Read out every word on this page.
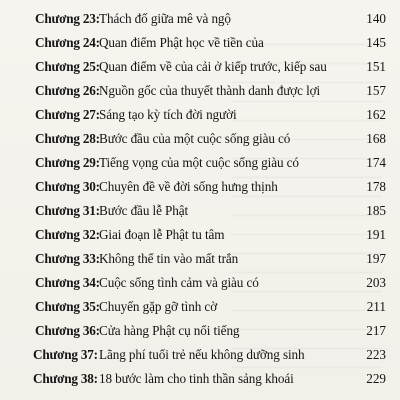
Chương 23: Thách đố giữa mê và ngộ	140
Chương 24: Quan điểm Phật học về tiền của	145
Chương 25: Quan điểm về của cải ở kiếp trước, kiếp sau	151
Chương 26: Nguồn gốc của thuyết thành danh được lợi	157
Chương 27: Sáng tạo kỳ tích đời người	162
Chương 28: Bước đầu của một cuộc sống giàu có	168
Chương 29: Tiếng vọng của một cuộc sống giàu có	174
Chương 30: Chuyên đề về đời sống hưng thịnh	178
Chương 31: Bước đầu lễ Phật	185
Chương 32: Giai đoạn lễ Phật tu tâm	191
Chương 33: Không thể tin vào mất trắn	197
Chương 34: Cuộc sống tình cảm và giàu có	203
Chương 35: Chuyến gặp gỡ tình cờ	211
Chương 36: Cửa hàng Phật cụ nổi tiếng	217
Chương 37: Lãng phí tuổi trẻ nếu không dưỡng sinh	223
Chương 38: 18 bước làm cho tinh thần sảng khoái	229
